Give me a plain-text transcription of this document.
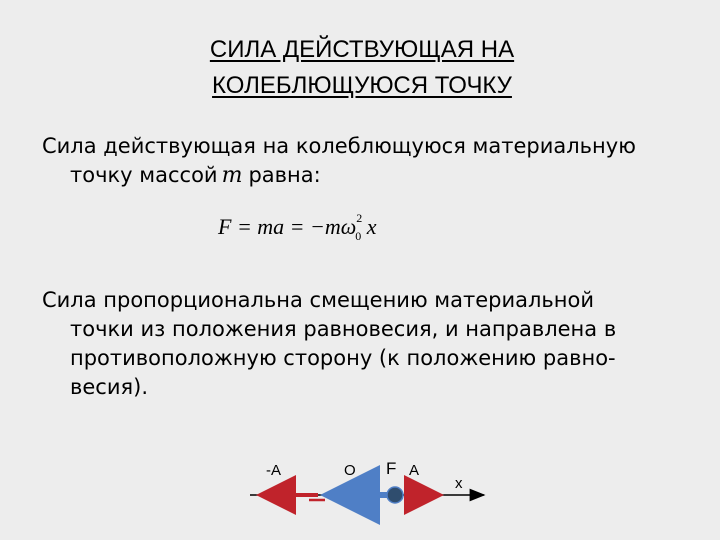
СИЛА ДЕЙСТВУЮЩАЯ НА
КОЛЕБЛЮЩУЮСЯ ТОЧКУ
Сила действующая на колеблющуюся материальную
точку массой m равна:
F = ma = $-m\omega^2_0$ x
Сила пропорциональна смещению материальной
точки из положения равновесия, и направлена в
противоположную сторону (к положению равно-
весия).
-A	O F A
x
